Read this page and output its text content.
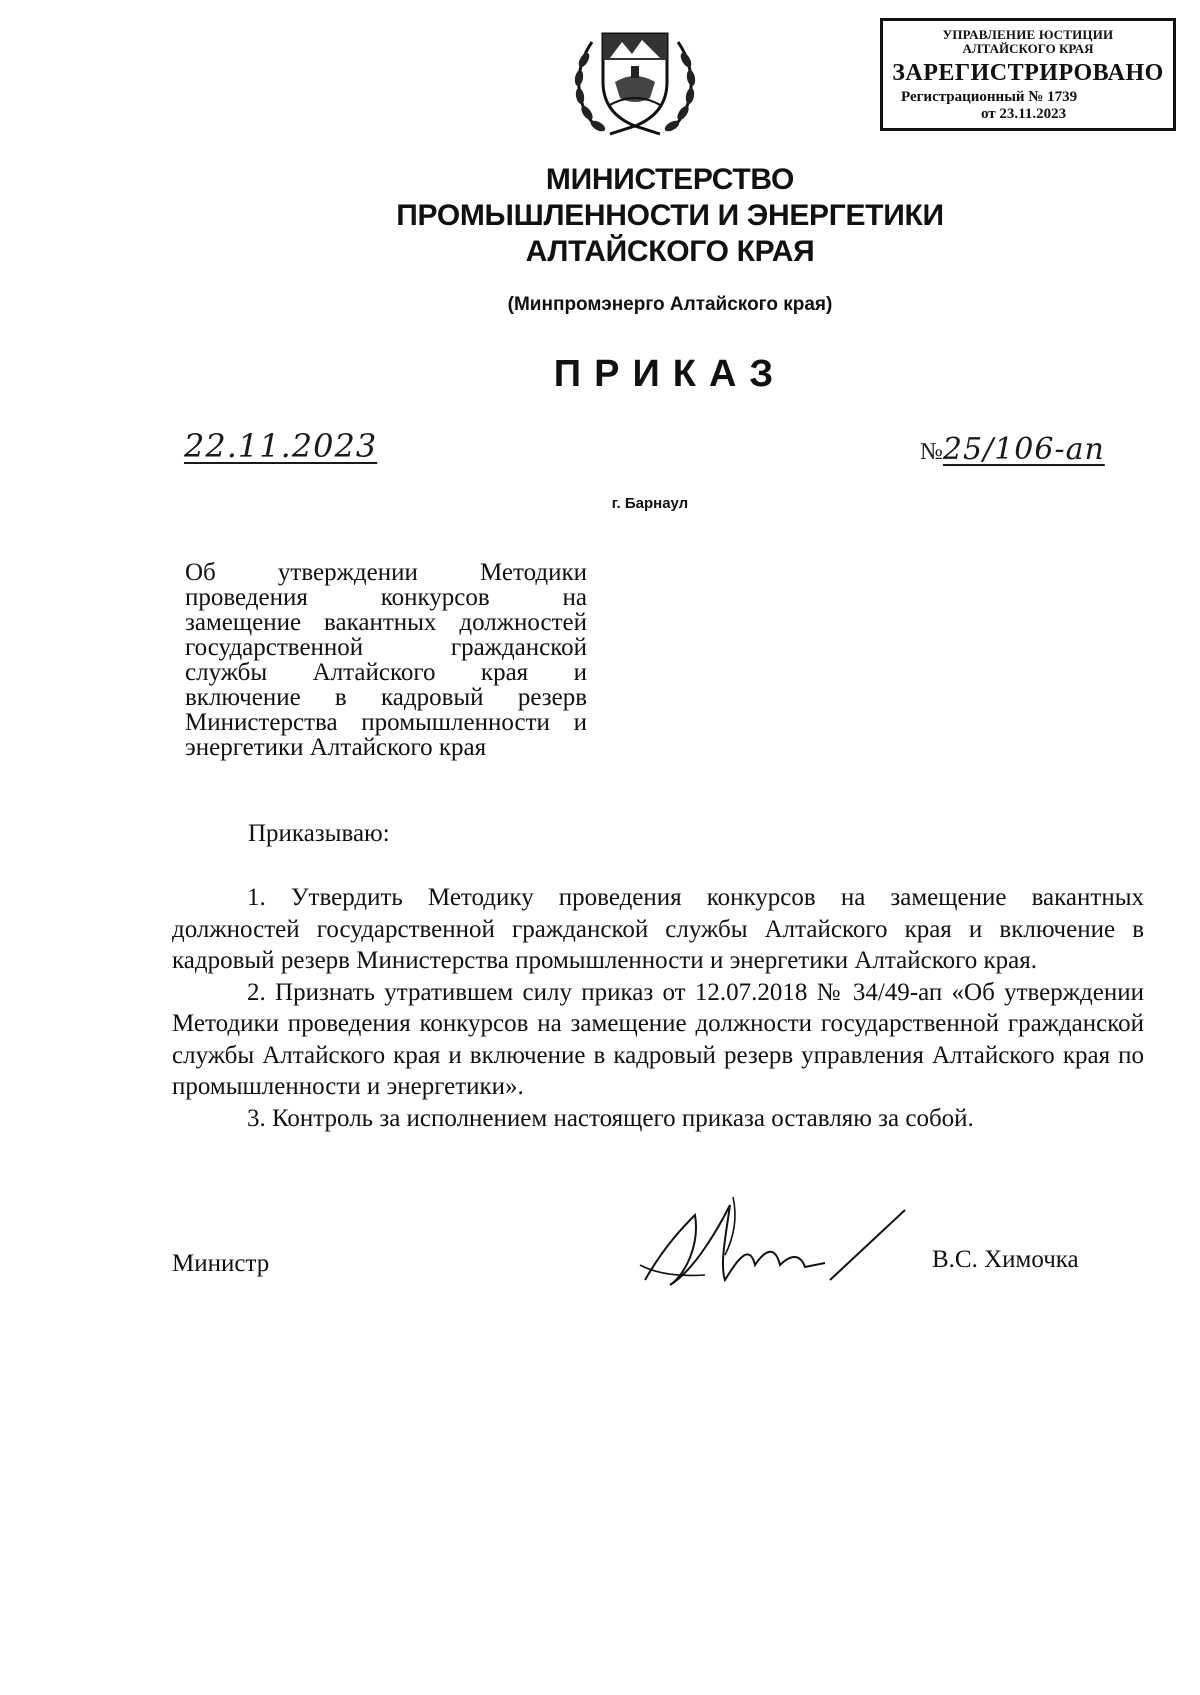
УПРАВЛЕНИЕ ЮСТИЦИИ
АЛТАЙСКОГО КРАЯ
ЗАРЕГИСТРИРОВАНО
Регистрационный № 1739
от 23.11.2023
МИНИСТЕРСТВО
ПРОМЫШЛЕННОСТИ И ЭНЕРГЕТИКИ
АЛТАЙСКОГО КРАЯ
(Минпромэнерго Алтайского края)
ПРИКАЗ
22.11.2023	№25/106-ап
г. Барнаул
Об утверждении Методики
проведения конкурсов на
замещение вакантных должностей
государственной гражданской
службы Алтайского края и
включение в кадровый резерв
Министерства промышленности и
энергетики Алтайского края
Приказываю:

1. Утвердить Методику проведения конкурсов на замещение вакантных должностей государственной гражданской службы Алтайского края и включение в кадровый резерв Министерства промышленности и энергетики Алтайского края.

2. Признать утратившем силу приказ от 12.07.2018 № 34/49-ап «Об утверждении Методики проведения конкурсов на замещение должности государственной гражданской службы Алтайского края и включение в кадровый резерв управления Алтайского края по промышленности и энергетики».

3. Контроль за исполнением настоящего приказа оставляю за собой.

Министр	В.С. Химочка
